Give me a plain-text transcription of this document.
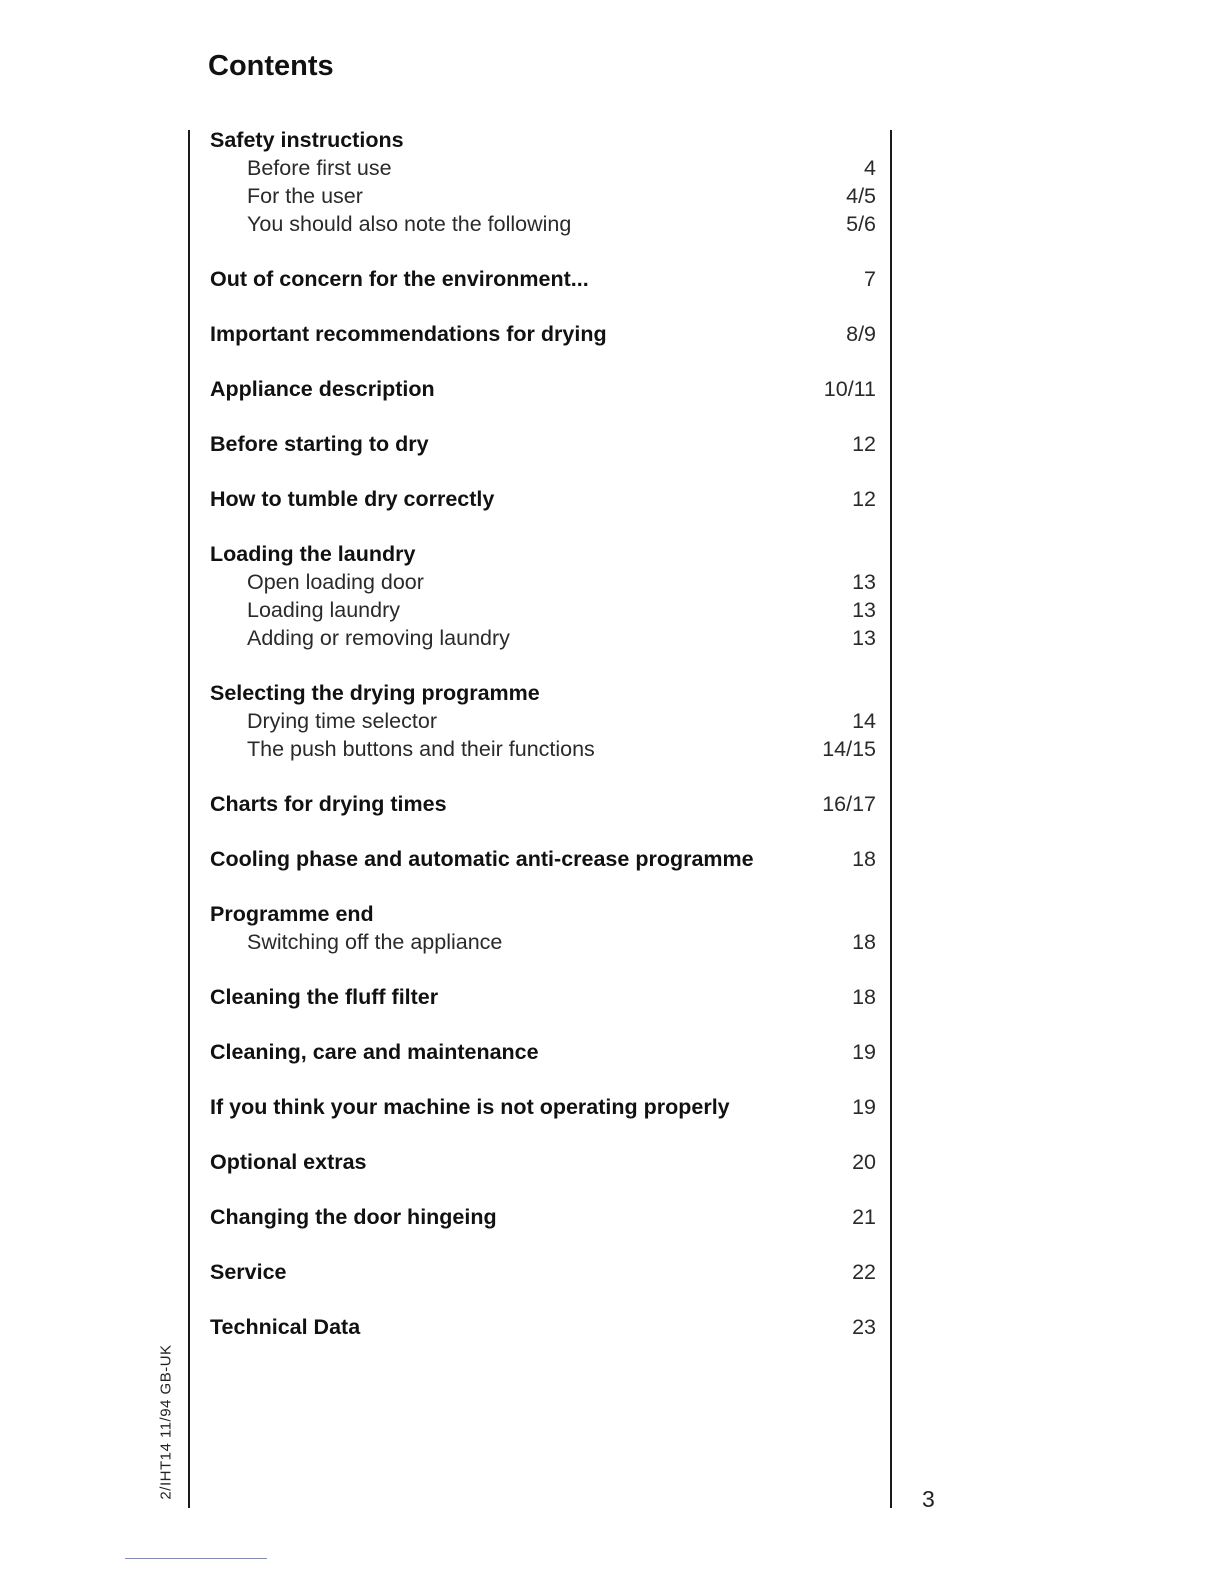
Contents
2/IHT14 11/94 GB-UK	3
Safety instructions
Before first use	4
For the user	4/5
You should also note the following	5/6
Out of concern for the environment...	7
Important recommendations for drying	8/9
Appliance description	10/11
Before starting to dry	12
How to tumble dry correctly	12
Loading the laundry
Open loading door	13
Loading laundry	13
Adding or removing laundry	13
Selecting the drying programme
Drying time selector	14
The push buttons and their functions	14/15
Charts for drying times	16/17
Cooling phase and automatic anti-crease programme	18
Programme end
Switching off the appliance	18
Cleaning the fluff filter	18
Cleaning, care and maintenance	19
If you think your machine is not operating properly	19
Optional extras	20
Changing the door hingeing	21
Service	22
Technical Data	23
